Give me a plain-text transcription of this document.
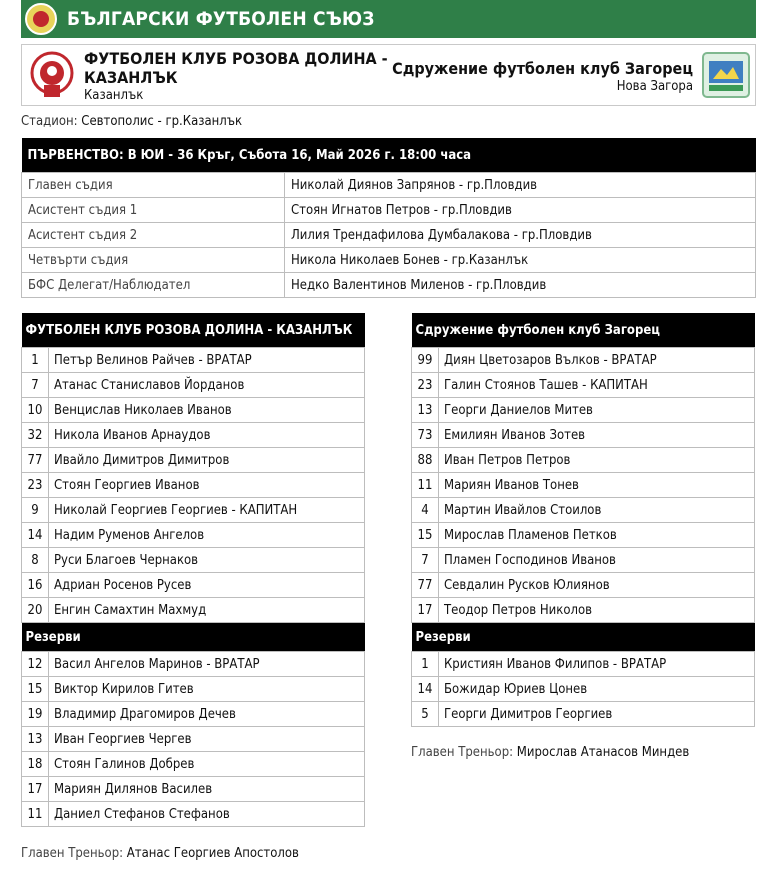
БЪЛГАРСКИ ФУТБОЛЕН СЪЮЗ
ФУТБОЛЕН КЛУБ РОЗОВА ДОЛИНА - КАЗАНЛЪК
Казанлък
Сдружение футболен клуб Загорец
Нова Загора
Стадион: Севтополис - гр.Казанлък
ПЪРВЕНСТВО: В ЮИ - 36 Кръг, Събота 16, Май 2026 г. 18:00 часа	
Главен съдия	Николай Диянов Запрянов - гр.Пловдив
Асистент съдия 1	Стоян Игнатов Петров - гр.Пловдив
Асистент съдия 2	Лилия Трендафилова Думбалакова - гр.Пловдив
Четвърти съдия	Никола Николаев Бонев - гр.Казанлък
БФС Делегат/Наблюдател	Недко Валентинов Миленов - гр.Пловдив
ФУТБОЛЕН КЛУБ РОЗОВА ДОЛИНА - КАЗАНЛЪК	
1	Петър Велинов Райчев - ВРАТАР
7	Атанас Станиславов Йорданов
10	Венцислав Николаев Иванов
32	Никола Иванов Арнаудов
77	Ивайло Димитров Димитров
23	Стоян Георгиев Иванов
9	Николай Георгиев Георгиев - КАПИТАН
14	Надим Руменов Ангелов
8	Руси Благоев Чернаков
16	Адриан Росенов Русев
20	Енгин Самахтин Махмуд
Резерви	
12	Васил Ангелов Маринов - ВРАТАР
15	Виктор Кирилов Гитев
19	Владимир Драгомиров Дечев
13	Иван Георгиев Чергев
18	Стоян Галинов Добрев
17	Мариян Дилянов Василев
11	Даниел Стефанов Стефанов
Сдружение футболен клуб Загорец	
99	Диян Цветозаров Вълков - ВРАТАР
23	Галин Стоянов Ташев - КАПИТАН
13	Георги Даниелов Митев
73	Емилиян Иванов Зотев
88	Иван Петров Петров
11	Мариян Иванов Тонев
4	Мартин Ивайлов Стоилов
15	Мирослав Пламенов Петков
7	Пламен Господинов Иванов
77	Севдалин Русков Юлиянов
17	Теодор Петров Николов
Резерви	
1	Кристиян Иванов Филипов - ВРАТАР
14	Божидар Юриев Цонев
5	Георги Димитров Георгиев
Главен Треньор: Мирослав Атанасов Миндев
Главен Треньор: Атанас Георгиев Апостолов
